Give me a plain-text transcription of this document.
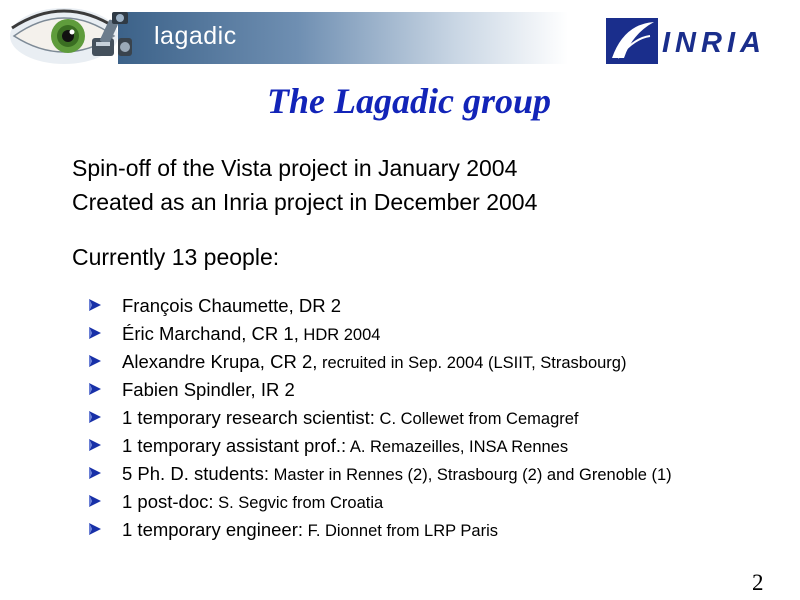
lagadic	INRIA
The Lagadic group
Spin-off of the Vista project in January 2004
Created as an Inria project in December 2004
Currently 13 people:
François Chaumette, DR 2
Éric Marchand, CR 1, HDR 2004
Alexandre Krupa, CR 2, recruited in Sep. 2004 (LSIIT, Strasbourg)
Fabien Spindler, IR 2
1 temporary research scientist: C. Collewet from Cemagref
1 temporary assistant prof.: A. Remazeilles, INSA Rennes
5 Ph. D. students: Master in Rennes (2), Strasbourg (2) and Grenoble (1)
1 post-doc: S. Segvic from Croatia
1 temporary engineer: F. Dionnet from LRP Paris
2
